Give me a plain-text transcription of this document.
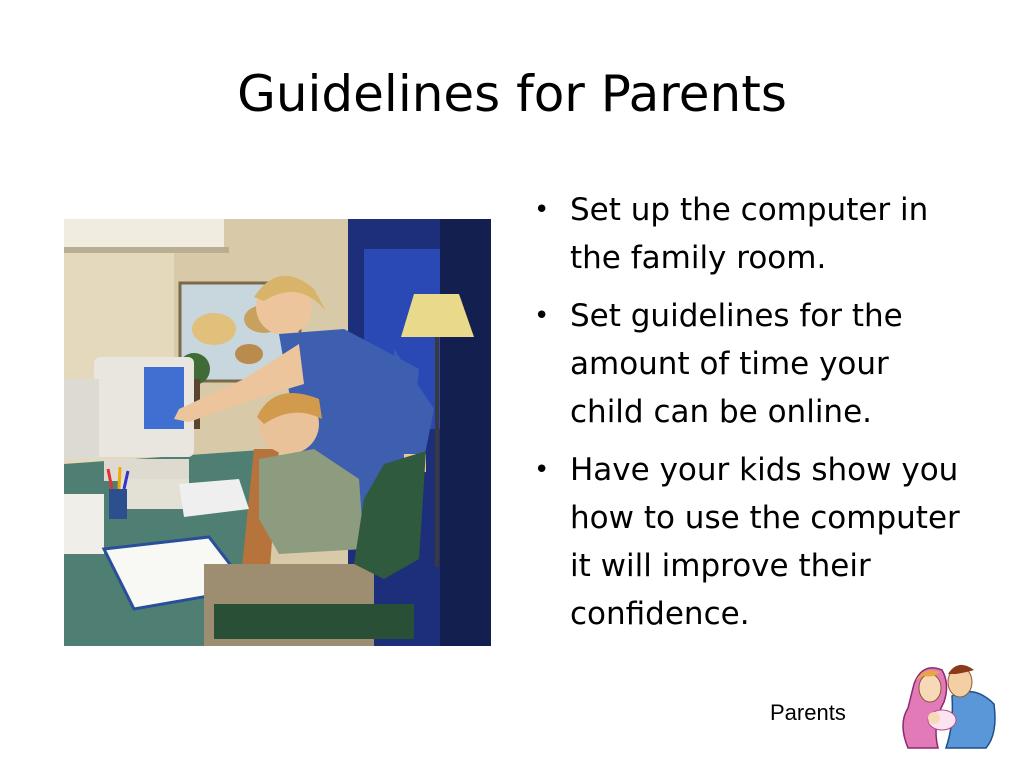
Guidelines for Parents
• Set up the computer in the family room.
• Set guidelines for the amount of time your child can be online.
• Have your kids show you how to use the computer it will improve their confidence.
Parents
